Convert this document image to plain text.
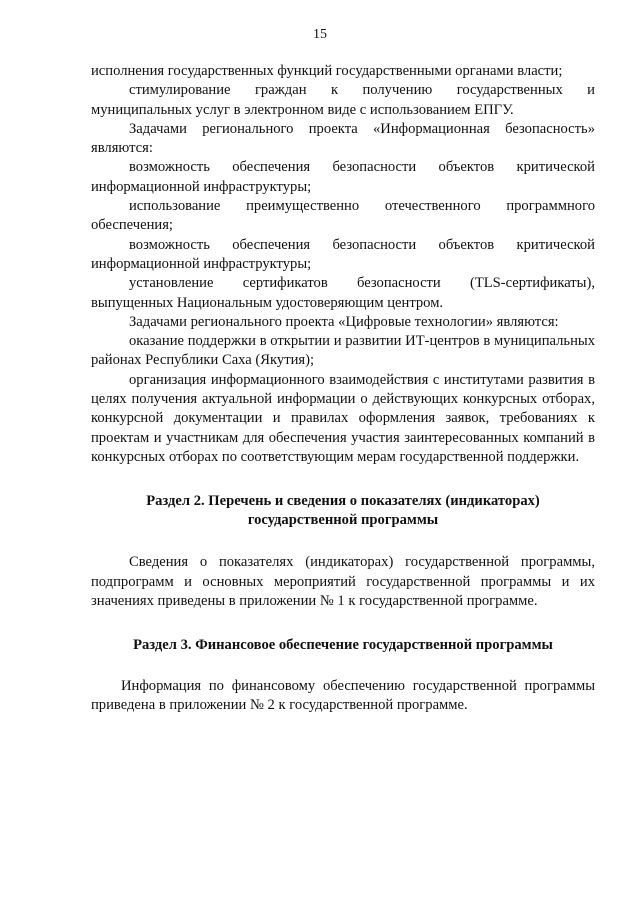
15

исполнения государственных функций государственными органами власти;

стимулирование граждан к получению государственных и муниципальных услуг в электронном виде с использованием ЕПГУ.

Задачами регионального проекта «Информационная безопасность» являются:

возможность обеспечения безопасности объектов критической информационной инфраструктуры;

использование преимущественно отечественного программного обеспечения;

возможность обеспечения безопасности объектов критической информационной инфраструктуры;

установление сертификатов безопасности (TLS-сертификаты), выпущенных Национальным удостоверяющим центром.

Задачами регионального проекта «Цифровые технологии» являются:

оказание поддержки в открытии и развитии ИТ-центров в муниципальных районах Республики Саха (Якутия);

организация информационного взаимодействия с институтами развития в целях получения актуальной информации о действующих конкурсных отборах, конкурсной документации и правилах оформления заявок, требованиях к проектам и участникам для обеспечения участия заинтересованных компаний в конкурсных отборах по соответствующим мерам государственной поддержки.

Раздел 2. Перечень и сведения о показателях (индикаторах) государственной программы

Сведения о показателях (индикаторах) государственной программы, подпрограмм и основных мероприятий государственной программы и их значениях приведены в приложении № 1 к государственной программе.

Раздел 3. Финансовое обеспечение государственной программы

Информация по финансовому обеспечению государственной программы приведена в приложении № 2 к государственной программе.
